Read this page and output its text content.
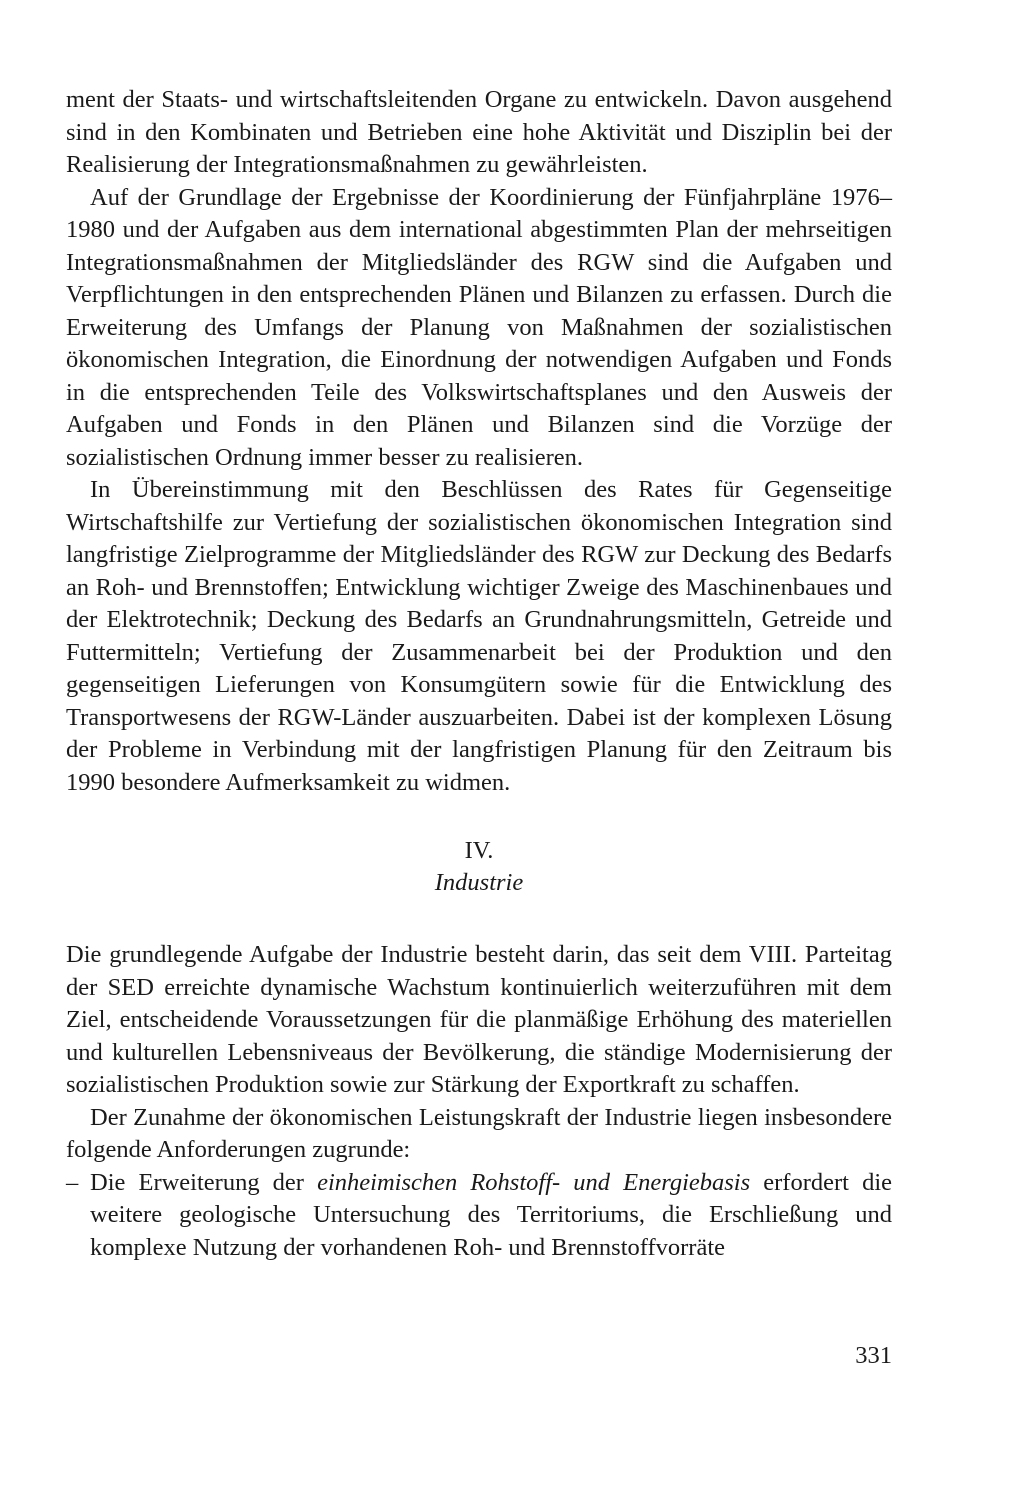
ment der Staats- und wirtschaftsleitenden Organe zu entwickeln. Davon ausgehend sind in den Kombinaten und Betrieben eine hohe Aktivität und Disziplin bei der Realisierung der Integrationsmaßnahmen zu gewährleisten.

Auf der Grundlage der Ergebnisse der Koordinierung der Fünfjahrpläne 1976–1980 und der Aufgaben aus dem international abgestimmten Plan der mehrseitigen Integrationsmaßnahmen der Mitgliedsländer des RGW sind die Aufgaben und Verpflichtungen in den entsprechenden Plänen und Bilanzen zu erfassen. Durch die Erweiterung des Umfangs der Planung von Maßnahmen der sozialistischen ökonomischen Integration, die Einordnung der notwendigen Aufgaben und Fonds in die entsprechenden Teile des Volkswirtschaftsplanes und den Ausweis der Aufgaben und Fonds in den Plänen und Bilanzen sind die Vorzüge der sozialistischen Ordnung immer besser zu realisieren.

In Übereinstimmung mit den Beschlüssen des Rates für Gegenseitige Wirtschaftshilfe zur Vertiefung der sozialistischen ökonomischen Integration sind langfristige Zielprogramme der Mitgliedsländer des RGW zur Deckung des Bedarfs an Roh- und Brennstoffen; Entwicklung wichtiger Zweige des Maschinenbaues und der Elektrotechnik; Deckung des Bedarfs an Grundnahrungsmitteln, Getreide und Futtermitteln; Vertiefung der Zusammenarbeit bei der Produktion und den gegenseitigen Lieferungen von Konsumgütern sowie für die Entwicklung des Transportwesens der RGW-Länder auszuarbeiten. Dabei ist der komplexen Lösung der Probleme in Verbindung mit der langfristigen Planung für den Zeitraum bis 1990 besondere Aufmerksamkeit zu widmen.

IV.
Industrie

Die grundlegende Aufgabe der Industrie besteht darin, das seit dem VIII. Parteitag der SED erreichte dynamische Wachstum kontinuierlich weiterzuführen mit dem Ziel, entscheidende Voraussetzungen für die planmäßige Erhöhung des materiellen und kulturellen Lebensniveaus der Bevölkerung, die ständige Modernisierung der sozialistischen Produktion sowie zur Stärkung der Exportkraft zu schaffen.

Der Zunahme der ökonomischen Leistungskraft der Industrie liegen insbesondere folgende Anforderungen zugrunde:

– Die Erweiterung der einheimischen Rohstoff- und Energiebasis erfordert die weitere geologische Untersuchung des Territoriums, die Erschließung und komplexe Nutzung der vorhandenen Roh- und Brennstoffvorräte

331
